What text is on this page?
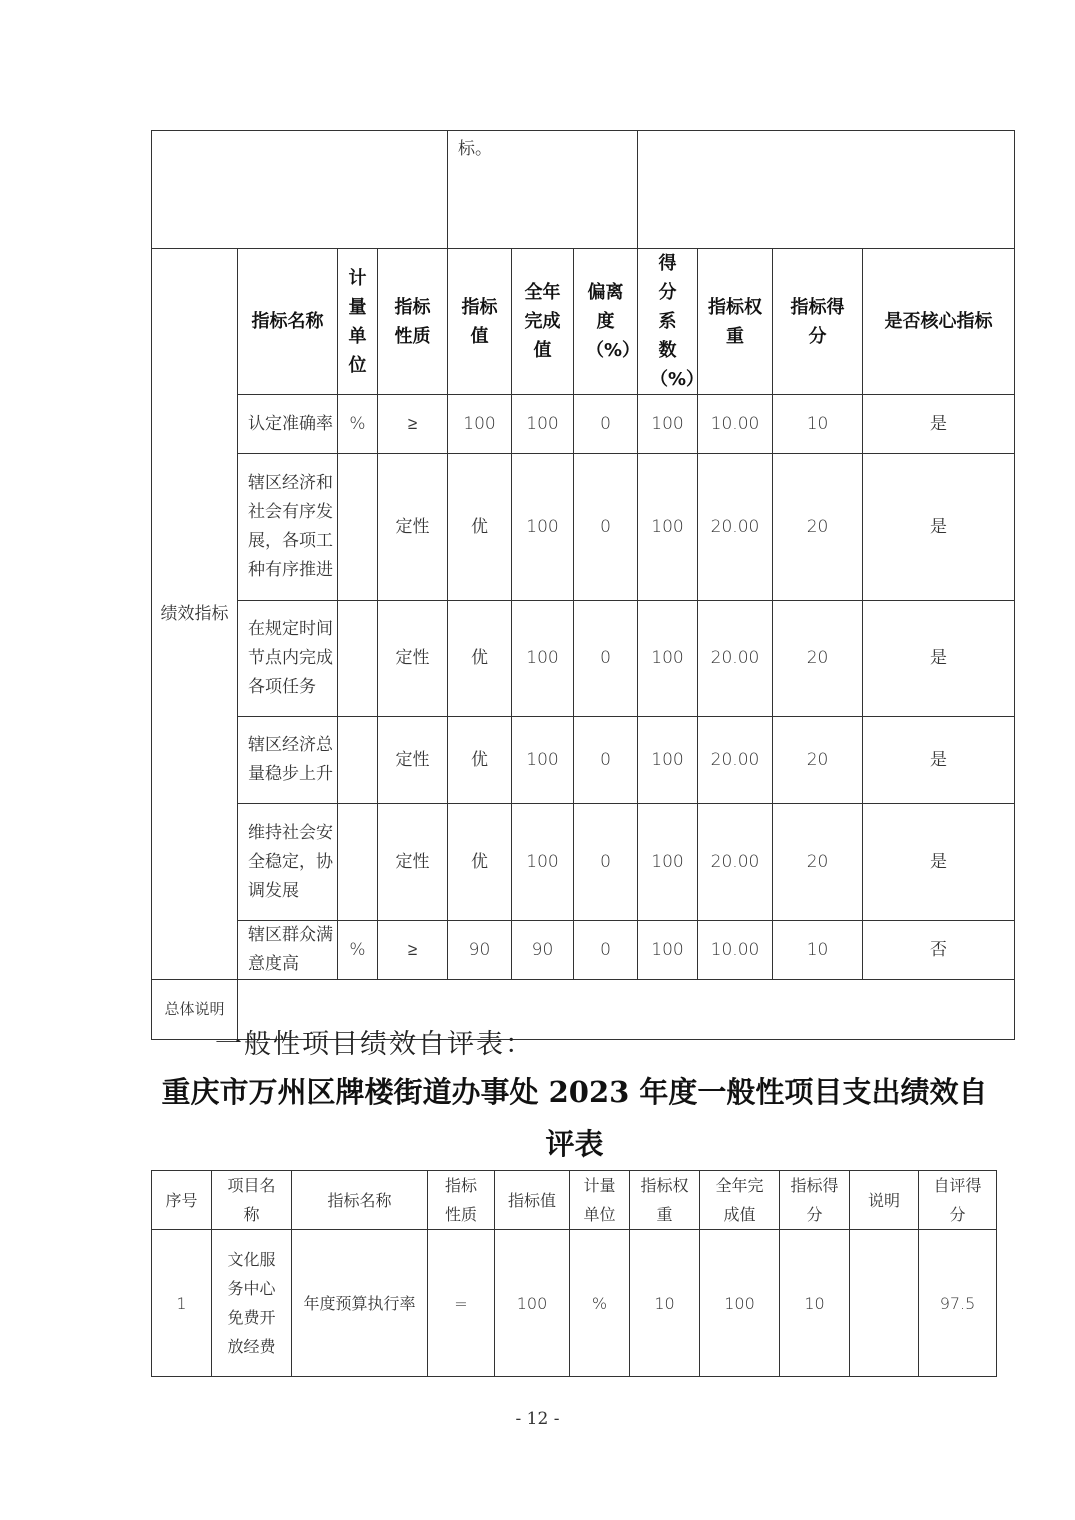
				标。						
绩效指标	指标名称	计量单位	指标性质	指标值	全年完成值	偏离度（%）	得分系数（%）	指标权重	指标得分	是否核心指标
	认定准确率	%	≥	100	100	0	100	10.00	10	是
	辖区经济和社会有序发展，各项工种有序推进		定性	优	100	0	100	20.00	20	是
	在规定时间节点内完成各项任务		定性	优	100	0	100	20.00	20	是
	辖区经济总量稳步上升		定性	优	100	0	100	20.00	20	是
	维持社会安全稳定，协调发展		定性	优	100	0	100	20.00	20	是
	辖区群众满意度高	%	≥	90	90	0	100	10.00	10	否
总体说明										
一般性项目绩效自评表：
重庆市万州区牌楼街道办事处 2023 年度一般性项目支出绩效自评表
序号	项目名称	指标名称	指标性质	指标值	计量单位	指标权重	全年完成值	指标得分	说明	自评得分
1	文化服务中心免费开放经费	年度预算执行率	=	100	%	10	100	10		97.5
- 12 -
